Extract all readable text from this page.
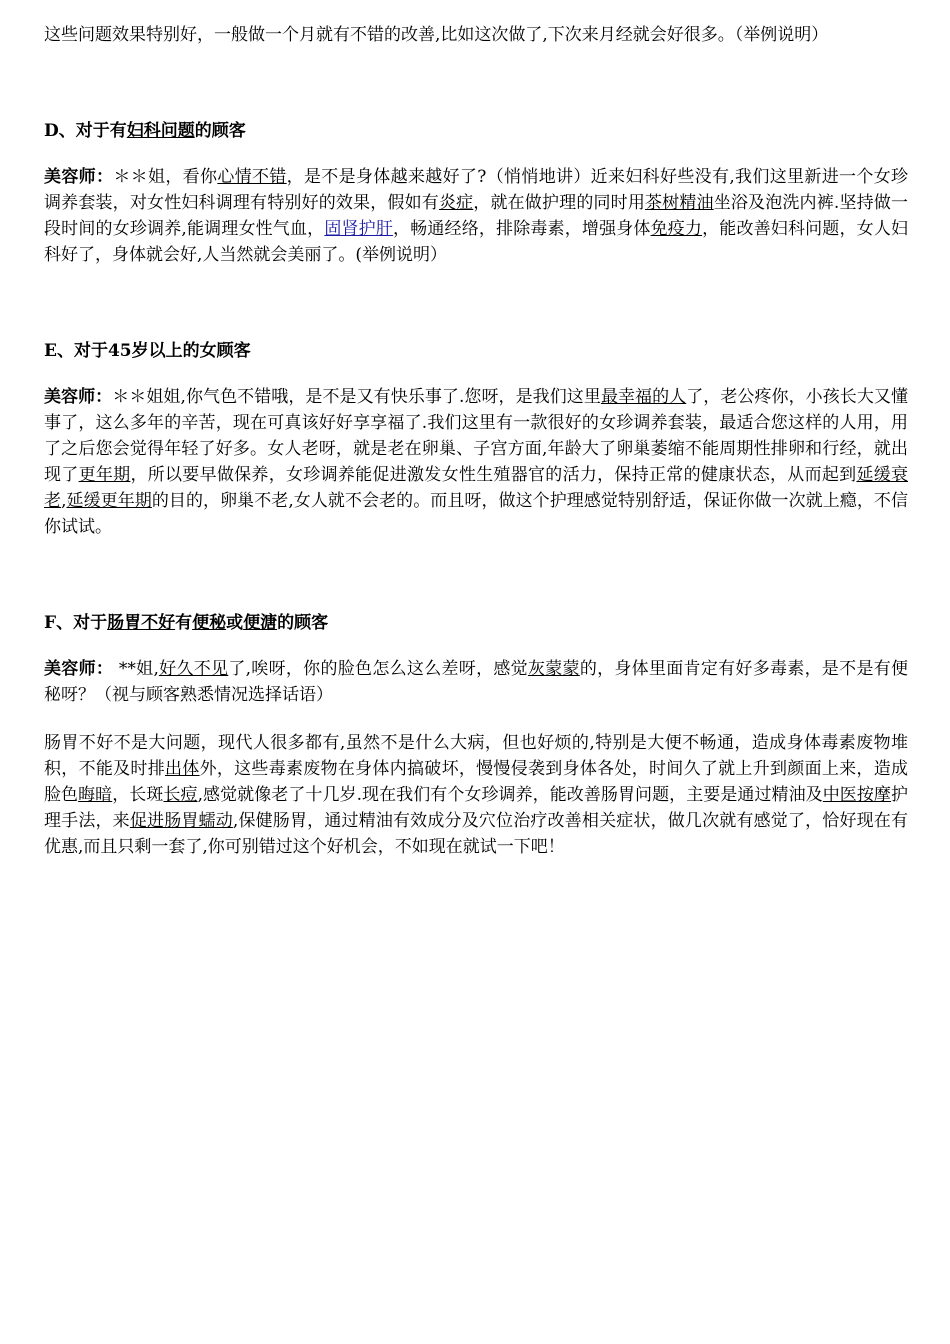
这些问题效果特别好，一般做一个月就有不错的改善,比如这次做了,下次来月经就会好很多。（举例说明）

D、对于有妇科问题的顾客

美容师：＊＊姐，看你心情不错，是不是身体越来越好了?（悄悄地讲）近来妇科好些没有,我们这里新进一个女珍调养套装，对女性妇科调理有特别好的效果，假如有炎症，就在做护理的同时用茶树精油坐浴及泡洗内裤.坚持做一段时间的女珍调养,能调理女性气血，固肾护肝，畅通经络，排除毒素，增强身体免疫力，能改善妇科问题，女人妇科好了，身体就会好,人当然就会美丽了。(举例说明）

E、对于45岁以上的女顾客

美容师：＊＊姐姐,你气色不错哦，是不是又有快乐事了.您呀，是我们这里最幸福的人了，老公疼你，小孩长大又懂事了，这么多年的辛苦，现在可真该好好享享福了.我们这里有一款很好的女珍调养套装，最适合您这样的人用，用了之后您会觉得年轻了好多。女人老呀，就是老在卵巢、子宫方面,年龄大了卵巢萎缩不能周期性排卵和行经，就出现了更年期，所以要早做保养，女珍调养能促进激发女性生殖器官的活力，保持正常的健康状态，从而起到延缓衰老,延缓更年期的目的，卵巢不老,女人就不会老的。而且呀，做这个护理感觉特别舒适，保证你做一次就上瘾，不信你试试。

F、对于肠胃不好有便秘或便溏的顾客

美容师： **姐,好久不见了,唉呀，你的脸色怎么这么差呀，感觉灰蒙蒙的，身体里面肯定有好多毒素，是不是有便秘呀？（视与顾客熟悉情况选择话语）

肠胃不好不是大问题，现代人很多都有,虽然不是什么大病，但也好烦的,特别是大便不畅通，造成身体毒素废物堆积，不能及时排出体外，这些毒素废物在身体内搞破坏，慢慢侵袭到身体各处，时间久了就上升到颜面上来，造成脸色晦暗，长斑长痘,感觉就像老了十几岁.现在我们有个女珍调养，能改善肠胃问题，主要是通过精油及中医按摩护理手法，来促进肠胃蠕动,保健肠胃，通过精油有效成分及穴位治疗改善相关症状，做几次就有感觉了，恰好现在有优惠,而且只剩一套了,你可别错过这个好机会，不如现在就试一下吧！
